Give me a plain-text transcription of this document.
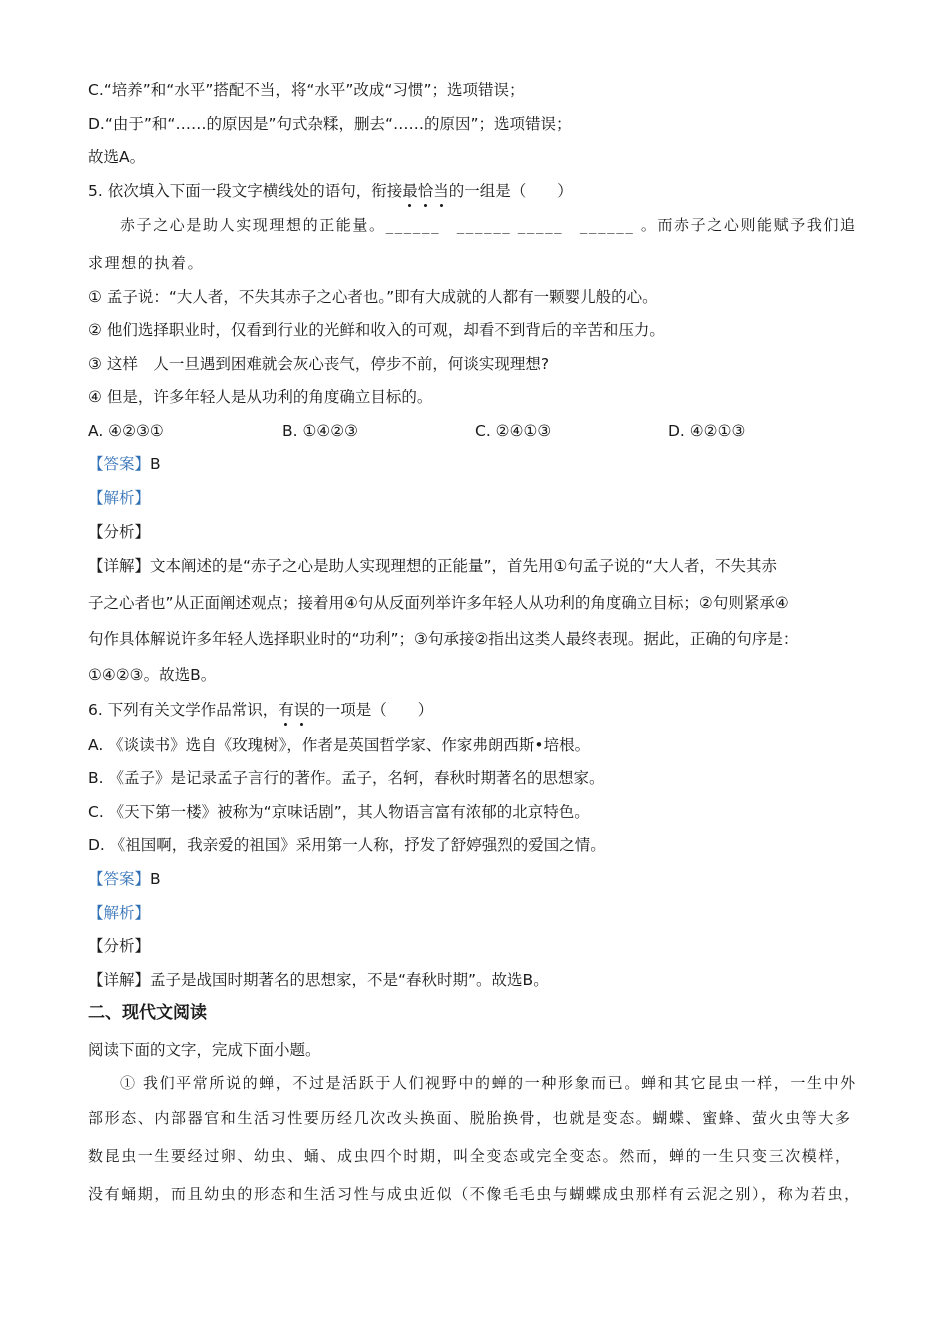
C.“培养”和“水平”搭配不当，将“水平”改成“习惯”；选项错误；
D.“由于”和“……的原因是”句式杂糅，删去“……的原因”；选项错误；
故选A。
5. 依次填入下面一段文字横线处的语句，衔接最恰当的一组是（　　）
赤子之心是助人实现理想的正能量。______　______ _____　______ 。而赤子之心则能赋予我们追
求理想的执着。
① 孟子说：“大人者，不失其赤子之心者也。”即有大成就的人都有一颗婴儿般的心。
② 他们选择职业时，仅看到行业的光鲜和收入的可观，却看不到背后的辛苦和压力。
③ 这样　人一旦遇到困难就会灰心丧气，停步不前，何谈实现理想?
④ 但是，许多年轻人是从功利的角度确立目标的。
A. ④②③①	B. ①④②③	C. ②④①③	D. ④②①③
【答案】B
【解析】
【分析】
【详解】文本阐述的是“赤子之心是助人实现理想的正能量”，首先用①句孟子说的“大人者，不失其赤
子之心者也”从正面阐述观点；接着用④句从反面列举许多年轻人从功利的角度确立目标；②句则紧承④
句作具体解说许多年轻人选择职业时的“功利”；③句承接②指出这类人最终表现。据此，正确的句序是：
①④②③。故选B。
6. 下列有关文学作品常识，有误的一项是（　　）
A. 《谈读书》选自《玫瑰树》，作者是英国哲学家、作家弗朗西斯•培根。
B. 《孟子》是记录孟子言行的著作。孟子，名轲，春秋时期著名的思想家。
C. 《天下第一楼》被称为“京味话剧”，其人物语言富有浓郁的北京特色。
D. 《祖国啊，我亲爱的祖国》采用第一人称，抒发了舒婷强烈的爱国之情。
【答案】B
【解析】
【分析】
【详解】孟子是战国时期著名的思想家，不是“春秋时期”。故选B。
二、现代文阅读
阅读下面的文字，完成下面小题。
① 我们平常所说的蝉，不过是活跃于人们视野中的蝉的一种形象而已。蝉和其它昆虫一样，一生中外
部形态、内部器官和生活习性要历经几次改头换面、脱胎换骨，也就是变态。蝴蝶、蜜蜂、萤火虫等大多
数昆虫一生要经过卵、幼虫、蛹、成虫四个时期，叫全变态或完全变态。然而，蝉的一生只变三次模样，
没有蛹期，而且幼虫的形态和生活习性与成虫近似（不像毛毛虫与蝴蝶成虫那样有云泥之别），称为若虫，
